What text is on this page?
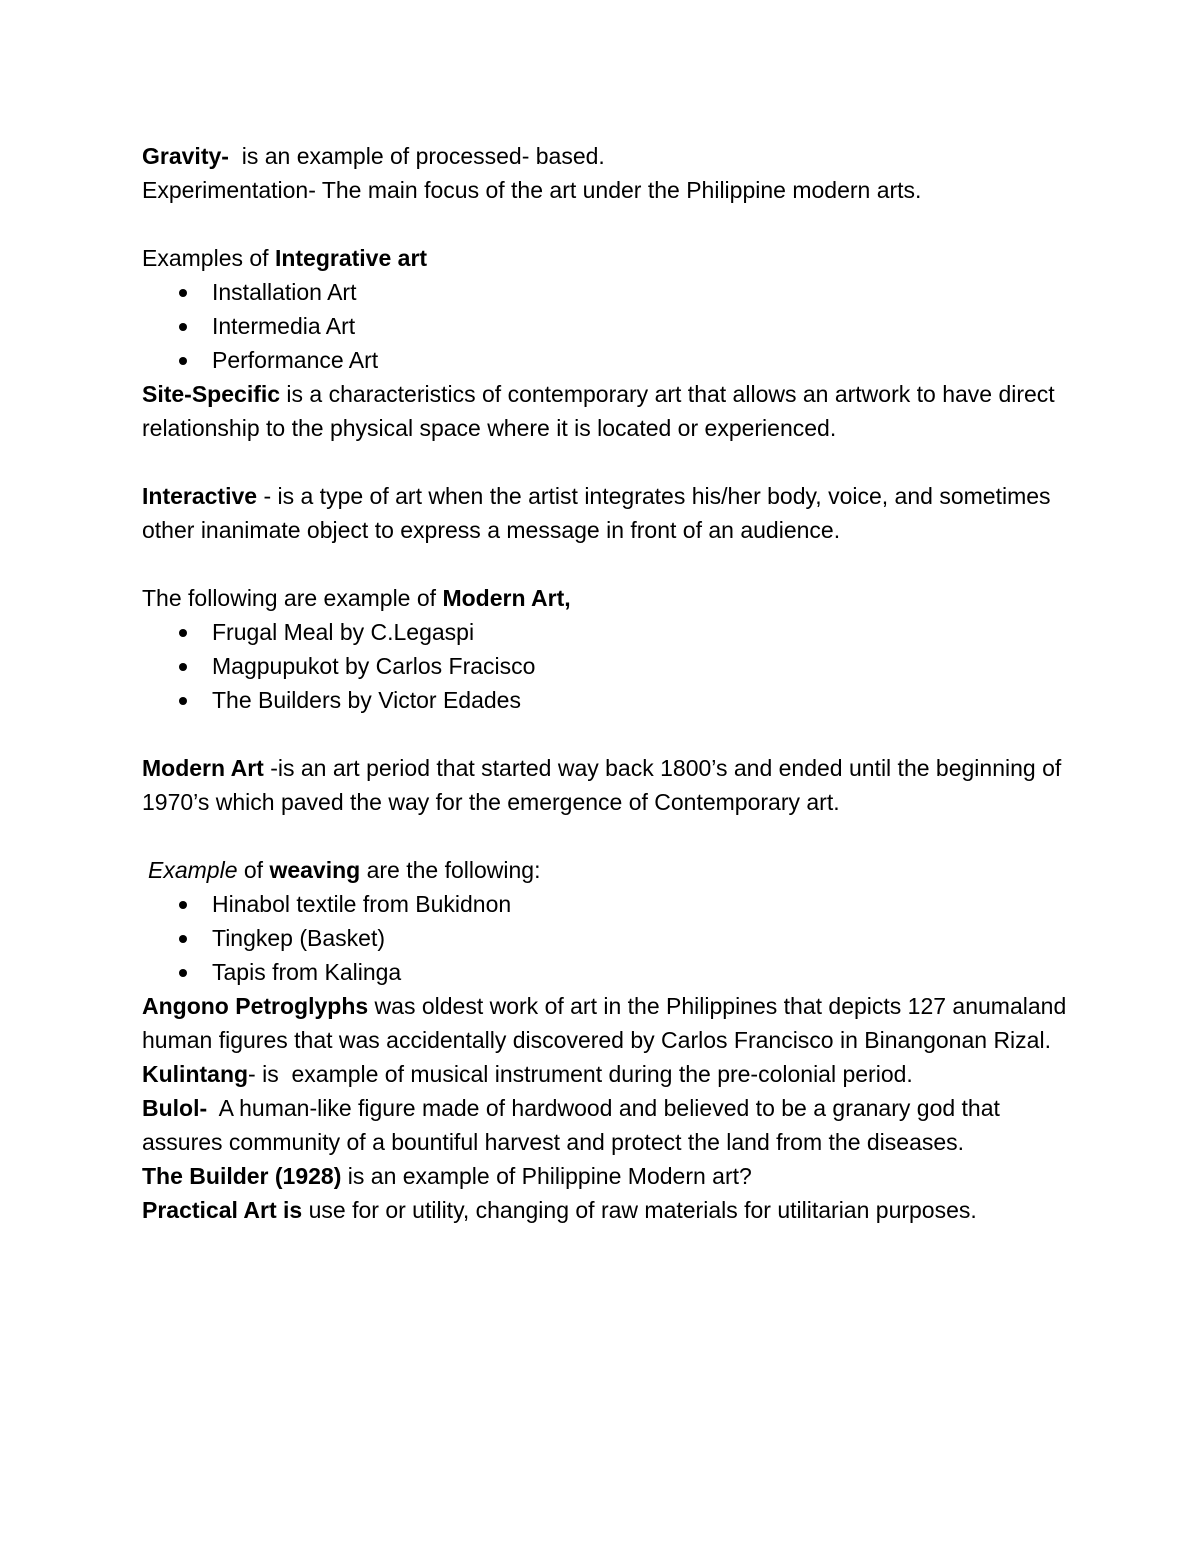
Gravity-  is an example of processed- based.

Experimentation- The main focus of the art under the Philippine modern arts.

Examples of Integrative art

Installation Art
Intermedia Art
Performance Art

Site-Specific is a characteristics of contemporary art that allows an artwork to have direct relationship to the physical space where it is located or experienced.

Interactive - is a type of art when the artist integrates his/her body, voice, and sometimes other inanimate object to express a message in front of an audience.

The following are example of Modern Art,

Frugal Meal by C.Legaspi
Magpupukot by Carlos Fracisco
The Builders by Victor Edades

Modern Art -is an art period that started way back 1800’s and ended until the beginning of 1970’s which paved the way for the emergence of Contemporary art.

Example of weaving are the following:

Hinabol textile from Bukidnon
Tingkep (Basket)
Tapis from Kalinga

Angono Petroglyphs was oldest work of art in the Philippines that depicts 127 anumaland human figures that was accidentally discovered by Carlos Francisco in Binangonan Rizal.

Kulintang- is  example of musical instrument during the pre-colonial period.

Bulol-  A human-like figure made of hardwood and believed to be a granary god that assures community of a bountiful harvest and protect the land from the diseases.

The Builder (1928) is an example of Philippine Modern art?

Practical Art is use for or utility, changing of raw materials for utilitarian purposes.
